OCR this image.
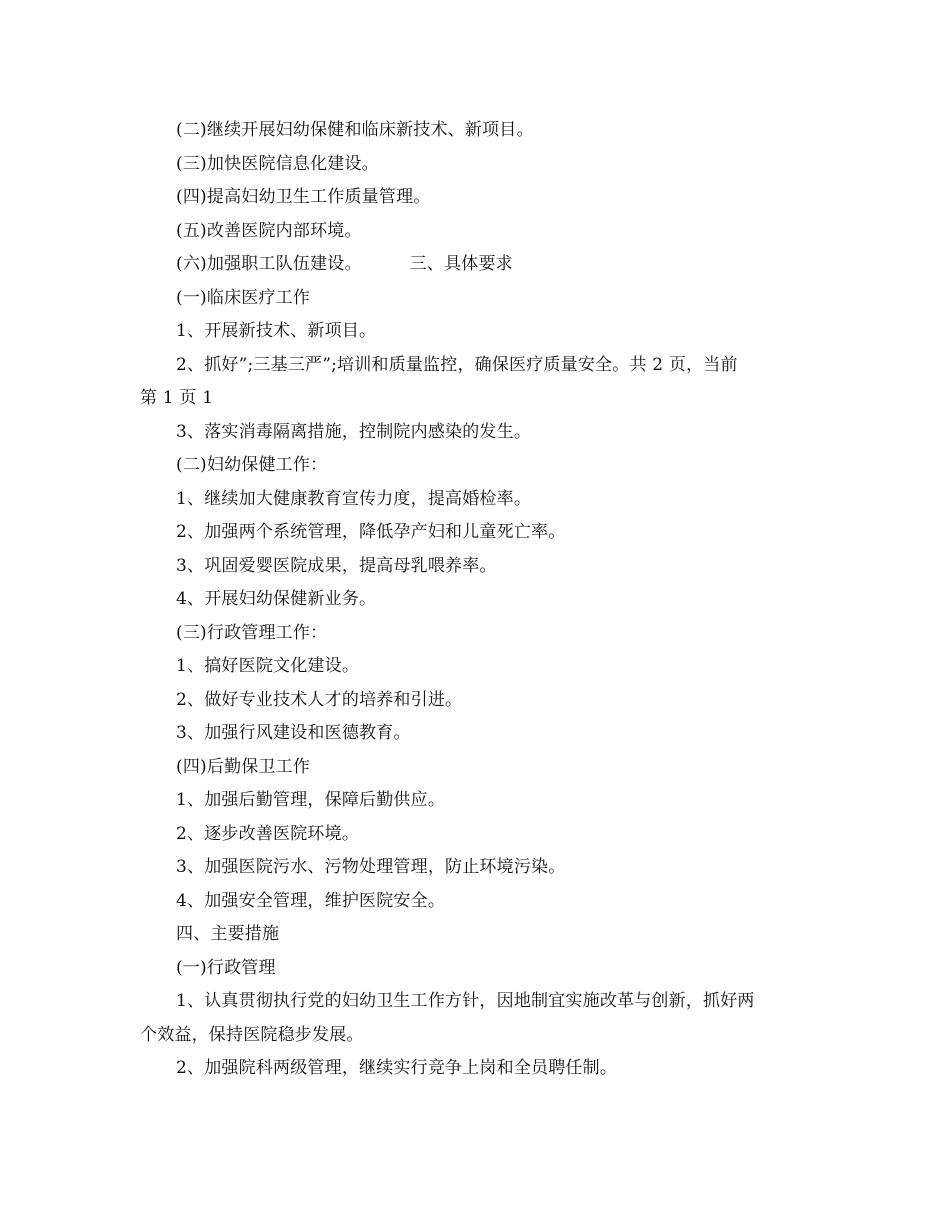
(二)继续开展妇幼保健和临床新技术、新项目。
(三)加快医院信息化建设。
(四)提高妇幼卫生工作质量管理。
(五)改善医院内部环境。
(六)加强职工队伍建设。	三、具体要求
(一)临床医疗工作
1、开展新技术、新项目。
2、抓好”;三基三严”;培训和质量监控，确保医疗质量安全。共 2 页，当前
第 1 页 1
3、落实消毒隔离措施，控制院内感染的发生。
(二)妇幼保健工作：
1、继续加大健康教育宣传力度，提高婚检率。
2、加强两个系统管理，降低孕产妇和儿童死亡率。
3、巩固爱婴医院成果，提高母乳喂养率。
4、开展妇幼保健新业务。
(三)行政管理工作：
1、搞好医院文化建设。
2、做好专业技术人才的培养和引进。
3、加强行风建设和医德教育。
(四)后勤保卫工作
1、加强后勤管理，保障后勤供应。
2、逐步改善医院环境。
3、加强医院污水、污物处理管理，防止环境污染。
4、加强安全管理，维护医院安全。
四、主要措施
(一)行政管理
1、认真贯彻执行党的妇幼卫生工作方针，因地制宜实施改革与创新，抓好两
个效益，保持医院稳步发展。
2、加强院科两级管理，继续实行竞争上岗和全员聘任制。
